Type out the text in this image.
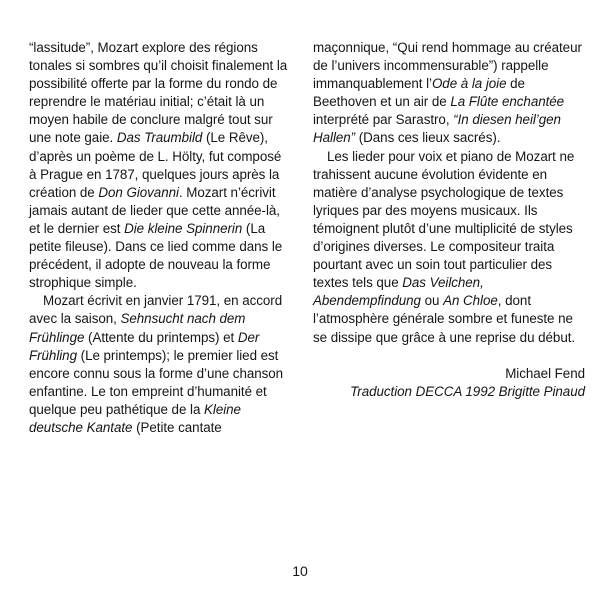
“lassitude”, Mozart explore des régions tonales si sombres qu’il choisit finalement la possibilité offerte par la forme du rondo de reprendre le matériau initial; c’était là un moyen habile de conclure malgré tout sur une note gaie. Das Traumbild (Le Rêve), d’après un poème de L. Hölty, fut composé à Prague en 1787, quelques jours après la création de Don Giovanni. Mozart n’écrivit jamais autant de lieder que cette année-là, et le dernier est Die kleine Spinnerin (La petite fileuse). Dans ce lied comme dans le précédent, il adopte de nouveau la forme strophique simple.

Mozart écrivit en janvier 1791, en accord avec la saison, Sehnsucht nach dem Frühlinge (Attente du printemps) et Der Frühling (Le printemps); le premier lied est encore connu sous la forme d’une chanson enfantine. Le ton empreint d’humanité et quelque peu pathétique de la Kleine deutsche Kantate (Petite cantate

maçonnique, “Qui rend hommage au créateur de l’univers incommensurable”) rappelle immanquablement l’Ode à la joie de Beethoven et un air de La Flûte enchantée interprété par Sarastro, “In diesen heil’gen Hallen” (Dans ces lieux sacrés).

Les lieder pour voix et piano de Mozart ne trahissent aucune évolution évidente en matière d’analyse psychologique de textes lyriques par des moyens musicaux. Ils témoignent plutôt d’une multiplicité de styles d’origines diverses. Le compositeur traita pourtant avec un soin tout particulier des textes tels que Das Veilchen, Abendempfindung ou An Chloe, dont l’atmosphère générale sombre et funeste ne se dissipe que grâce à une reprise du début.

Michael Fend

Traduction DECCA 1992 Brigitte Pinaud

10
